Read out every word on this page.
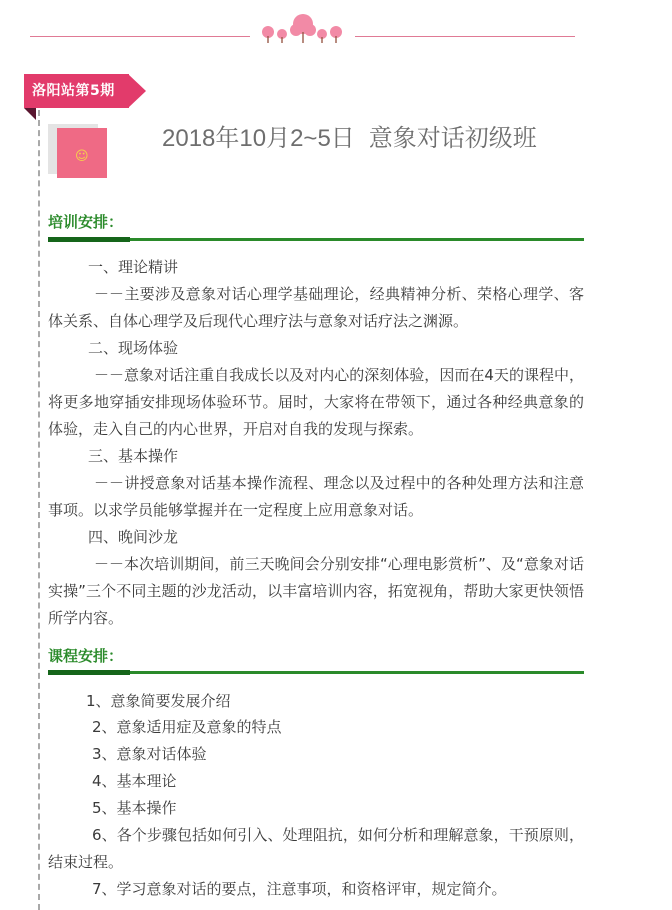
洛阳站第5期
☺
2018年10月2~5日 意象对话初级班
培训安排：
一、理论精讲
－－主要涉及意象对话心理学基础理论，经典精神分析、荣格心理学、客体关系、自体心理学及后现代心理疗法与意象对话疗法之渊源。
二、现场体验
－－意象对话注重自我成长以及对内心的深刻体验，因而在4天的课程中，将更多地穿插安排现场体验环节。届时，大家将在带领下，通过各种经典意象的体验，走入自己的内心世界，开启对自我的发现与探索。
三、基本操作
－－讲授意象对话基本操作流程、理念以及过程中的各种处理方法和注意事项。以求学员能够掌握并在一定程度上应用意象对话。
四、晚间沙龙
－－本次培训期间，前三天晚间会分别安排“心理电影赏析”、及“意象对话实操”三个不同主题的沙龙活动，以丰富培训内容，拓宽视角，帮助大家更快领悟所学内容。
课程安排：
1、意象简要发展介绍
2、意象适用症及意象的特点
3、意象对话体验
4、基本理论
5、基本操作
6、各个步骤包括如何引入、处理阻抗，如何分析和理解意象，干预原则，结束过程。
7、学习意象对话的要点，注意事项，和资格评审，规定简介。
